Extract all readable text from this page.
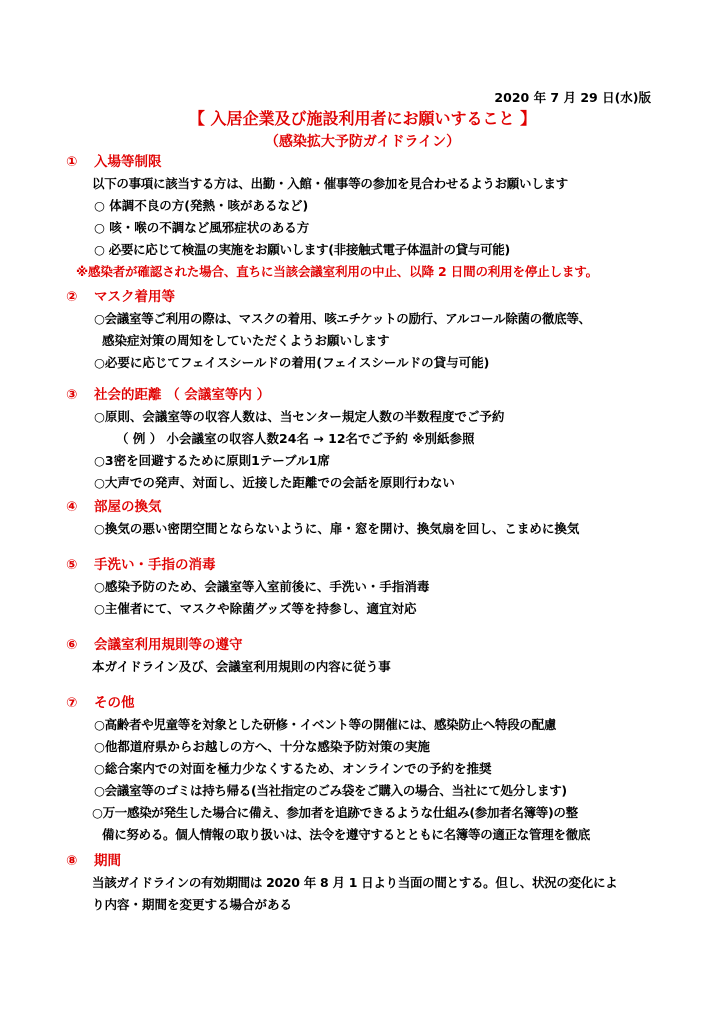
2020 年 7 月 29 日(水)版
【 入居企業及び施設利用者にお願いすること 】
（感染拡大予防ガイドライン）
① 入場等制限
以下の事項に該当する方は、出勤・入館・催事等の参加を見合わせるようお願いします
○ 体調不良の方(発熱・咳があるなど)
○ 咳・喉の不調など風邪症状のある方
○ 必要に応じて検温の実施をお願いします(非接触式電子体温計の貸与可能)
※感染者が確認された場合、直ちに当該会議室利用の中止、以降 2 日間の利用を停止します。
② マスク着用等
○会議室等ご利用の際は、マスクの着用、咳エチケットの励行、アルコール除菌の徹底等、
感染症対策の周知をしていただくようお願いします
○必要に応じてフェイスシールドの着用(フェイスシールドの貸与可能)
③ 社会的距離 （ 会議室等内 ）
○原則、会議室等の収容人数は、当センター規定人数の半数程度でご予約
（ 例 ） 小会議室の収容人数24名 → 12名でご予約 ※別紙参照
○3密を回避するために原則1テーブル1席
○大声での発声、対面し、近接した距離での会話を原則行わない
④ 部屋の換気
○換気の悪い密閉空間とならないように、扉・窓を開け、換気扇を回し、こまめに換気
⑤ 手洗い・手指の消毒
○感染予防のため、会議室等入室前後に、手洗い・手指消毒
○主催者にて、マスクや除菌グッズ等を持参し、適宜対応
⑥ 会議室利用規則等の遵守
本ガイドライン及び、会議室利用規則の内容に従う事
⑦ その他
○高齢者や児童等を対象とした研修・イベント等の開催には、感染防止へ特段の配慮
○他都道府県からお越しの方へ、十分な感染予防対策の実施
○総合案内での対面を極力少なくするため、オンラインでの予約を推奨
○会議室等のゴミは持ち帰る(当社指定のごみ袋をご購入の場合、当社にて処分します)
○万一感染が発生した場合に備え、参加者を追跡できるような仕組み(参加者名簿等)の整
備に努める。個人情報の取り扱いは、法令を遵守するとともに名簿等の適正な管理を徹底
⑧ 期間
当該ガイドラインの有効期間は 2020 年 8 月 1 日より当面の間とする。但し、状況の変化によ
り内容・期間を変更する場合がある
